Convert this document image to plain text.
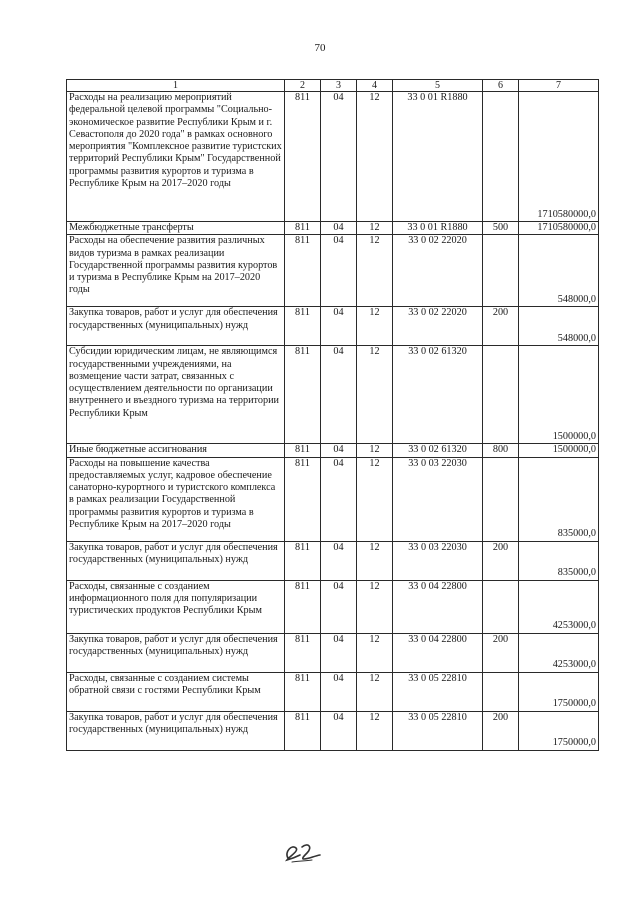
70
1	2	3	4	5	6	7
Расходы на реализацию мероприятий федеральной целевой программы "Социально-экономическое развитие Республики Крым и г. Севастополя до 2020 года" в рамках основного мероприятия "Комплексное развитие туристских территорий Республики Крым" Государственной программы развития курортов и туризма в Республике Крым на 2017–2020 годы	811	04	12	33 0 01 R1880		1710580000,0
Межбюджетные трансферты	811	04	12	33 0 01 R1880	500	1710580000,0
Расходы на обеспечение развития различных видов туризма в рамках реализации Государственной программы развития курортов и туризма в Республике Крым на 2017–2020 годы	811	04	12	33 0 02 22020		548000,0
Закупка товаров, работ и услуг для обеспечения государственных (муниципальных) нужд	811	04	12	33 0 02 22020	200	548000,0
Субсидии юридическим лицам, не являющимся государственными учреждениями, на возмещение части затрат, связанных с осуществлением деятельности по организации внутреннего и въездного туризма на территории Республики Крым	811	04	12	33 0 02 61320		1500000,0
Иные бюджетные ассигнования	811	04	12	33 0 02 61320	800	1500000,0
Расходы на повышение качества предоставляемых услуг, кадровое обеспечение санаторно-курортного и туристского комплекса в рамках реализации Государственной программы развития курортов и туризма в Республике Крым на 2017–2020 годы	811	04	12	33 0 03 22030		835000,0
Закупка товаров, работ и услуг для обеспечения государственных (муниципальных) нужд	811	04	12	33 0 03 22030	200	835000,0
Расходы, связанные с созданием информационного поля для популяризации туристических продуктов Республики Крым	811	04	12	33 0 04 22800		4253000,0
Закупка товаров, работ и услуг для обеспечения государственных (муниципальных) нужд	811	04	12	33 0 04 22800	200	4253000,0
Расходы, связанные с созданием системы обратной связи с гостями Республики Крым	811	04	12	33 0 05 22810		1750000,0
Закупка товаров, работ и услуг для обеспечения государственных (муниципальных) нужд	811	04	12	33 0 05 22810	200	1750000,0
